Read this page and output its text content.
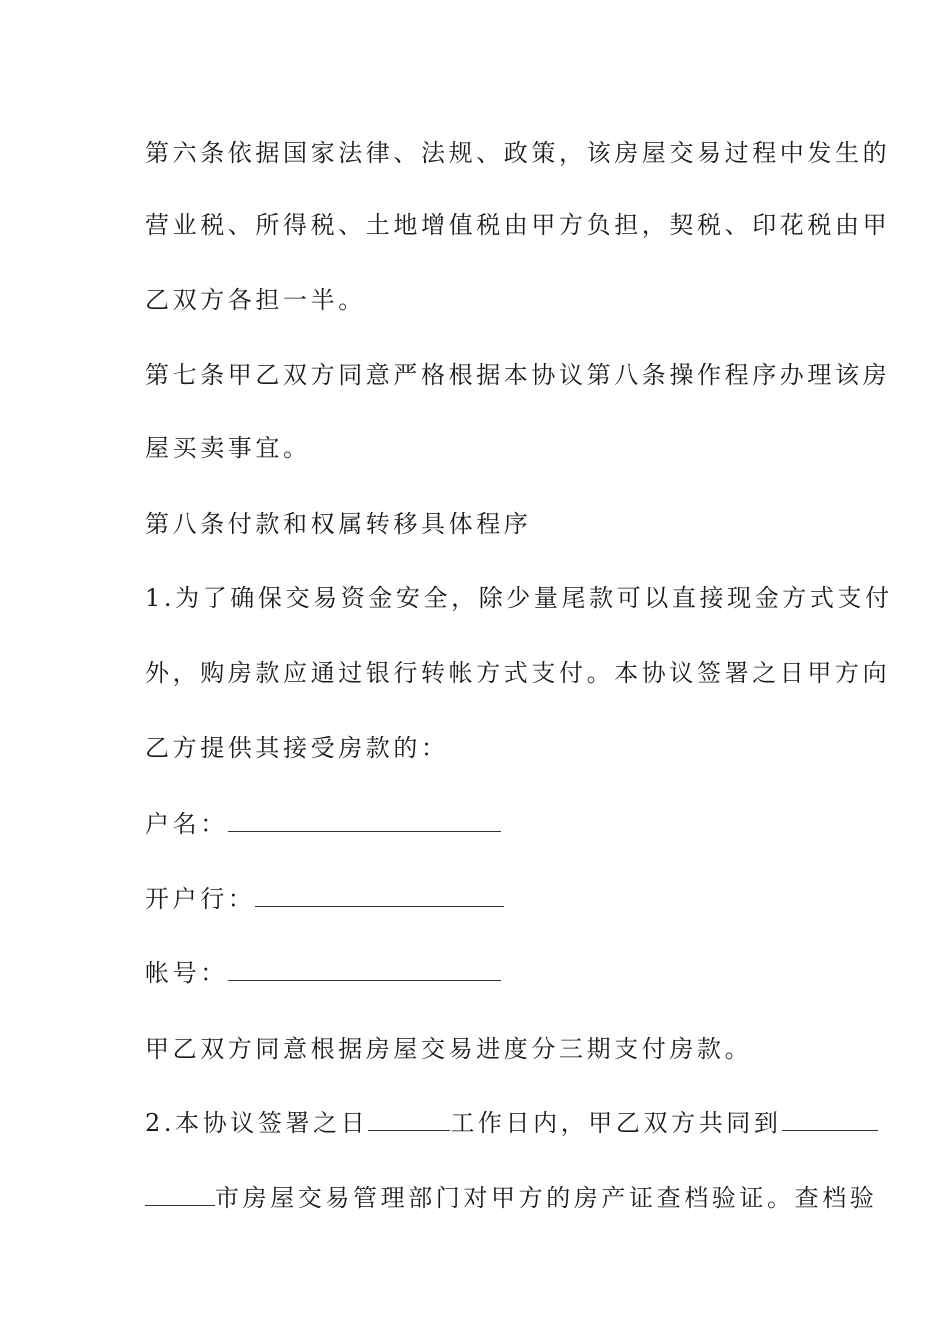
第六条依据国家法律、法规、政策，该房屋交易过程中发生的
营业税、所得税、土地增值税由甲方负担，契税、印花税由甲
乙双方各担一半。
第七条甲乙双方同意严格根据本协议第八条操作程序办理该房
屋买卖事宜。
第八条付款和权属转移具体程序
1.为了确保交易资金安全，除少量尾款可以直接现金方式支付
外，购房款应通过银行转帐方式支付。本协议签署之日甲方向
乙方提供其接受房款的：
户名：
开户行：
帐号：
甲乙双方同意根据房屋交易进度分三期支付房款。
2.本协议签署之日	工作日内，甲乙双方共同到
市房屋交易管理部门对甲方的房产证查档验证。查档验
